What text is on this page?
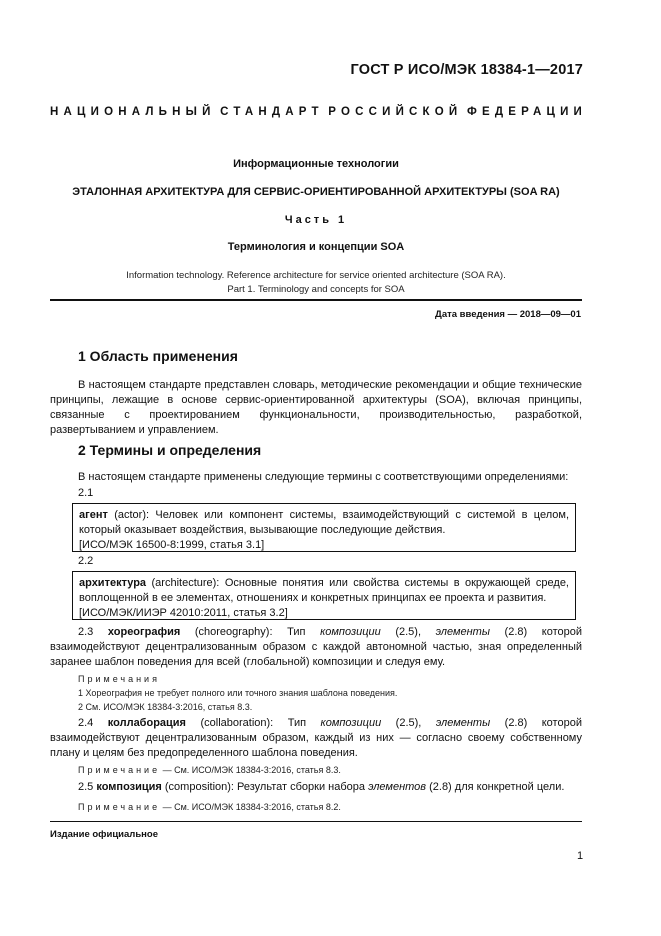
ГОСТ Р ИСО/МЭК 18384-1—2017
НАЦИОНАЛЬНЫЙ СТАНДАРТ РОССИЙСКОЙ ФЕДЕРАЦИИ
Информационные технологии
ЭТАЛОННАЯ АРХИТЕКТУРА ДЛЯ СЕРВИС-ОРИЕНТИРОВАННОЙ АРХИТЕКТУРЫ (SOA RA)
Часть 1
Терминология и концепции SOA
Information technology. Reference architecture for service oriented architecture (SOA RA).
Part 1. Terminology and concepts for SOA
Дата введения — 2018—09—01
1 Область применения
В настоящем стандарте представлен словарь, методические рекомендации и общие технические принципы, лежащие в основе сервис-ориентированной архитектуры (SOA), включая принципы, связанные с проектированием функциональности, производительностью, разработкой, развертыванием и управлением.
2 Термины и определения
В настоящем стандарте применены следующие термины с соответствующими определениями:
2.1
агент (actor): Человек или компонент системы, взаимодействующий с системой в целом, который оказывает воздействия, вызывающие последующие действия.
[ИСО/МЭК 16500-8:1999, статья 3.1]
2.2
архитектура (architecture): Основные понятия или свойства системы в окружающей среде, воплощенной в ее элементах, отношениях и конкретных принципах ее проекта и развития.
[ИСО/МЭК/ИИЭР 42010:2011, статья 3.2]
2.3 хореография (choreography): Тип композиции (2.5), элементы (2.8) которой взаимодействуют децентрализованным образом с каждой автономной частью, зная определенный заранее шаблон поведения для всей (глобальной) композиции и следуя ему.
Примечания
1 Хореография не требует полного или точного знания шаблона поведения.
2 См. ИСО/МЭК 18384-3:2016, статья 8.3.
2.4 коллаборация (collaboration): Тип композиции (2.5), элементы (2.8) которой взаимодействуют децентрализованным образом, каждый из них — согласно своему собственному плану и целям без предопределенного шаблона поведения.
Примечание — См. ИСО/МЭК 18384-3:2016, статья 8.3.
2.5 композиция (composition): Результат сборки набора элементов (2.8) для конкретной цели.
Примечание — См. ИСО/МЭК 18384-3:2016, статья 8.2.
Издание официальное
1
